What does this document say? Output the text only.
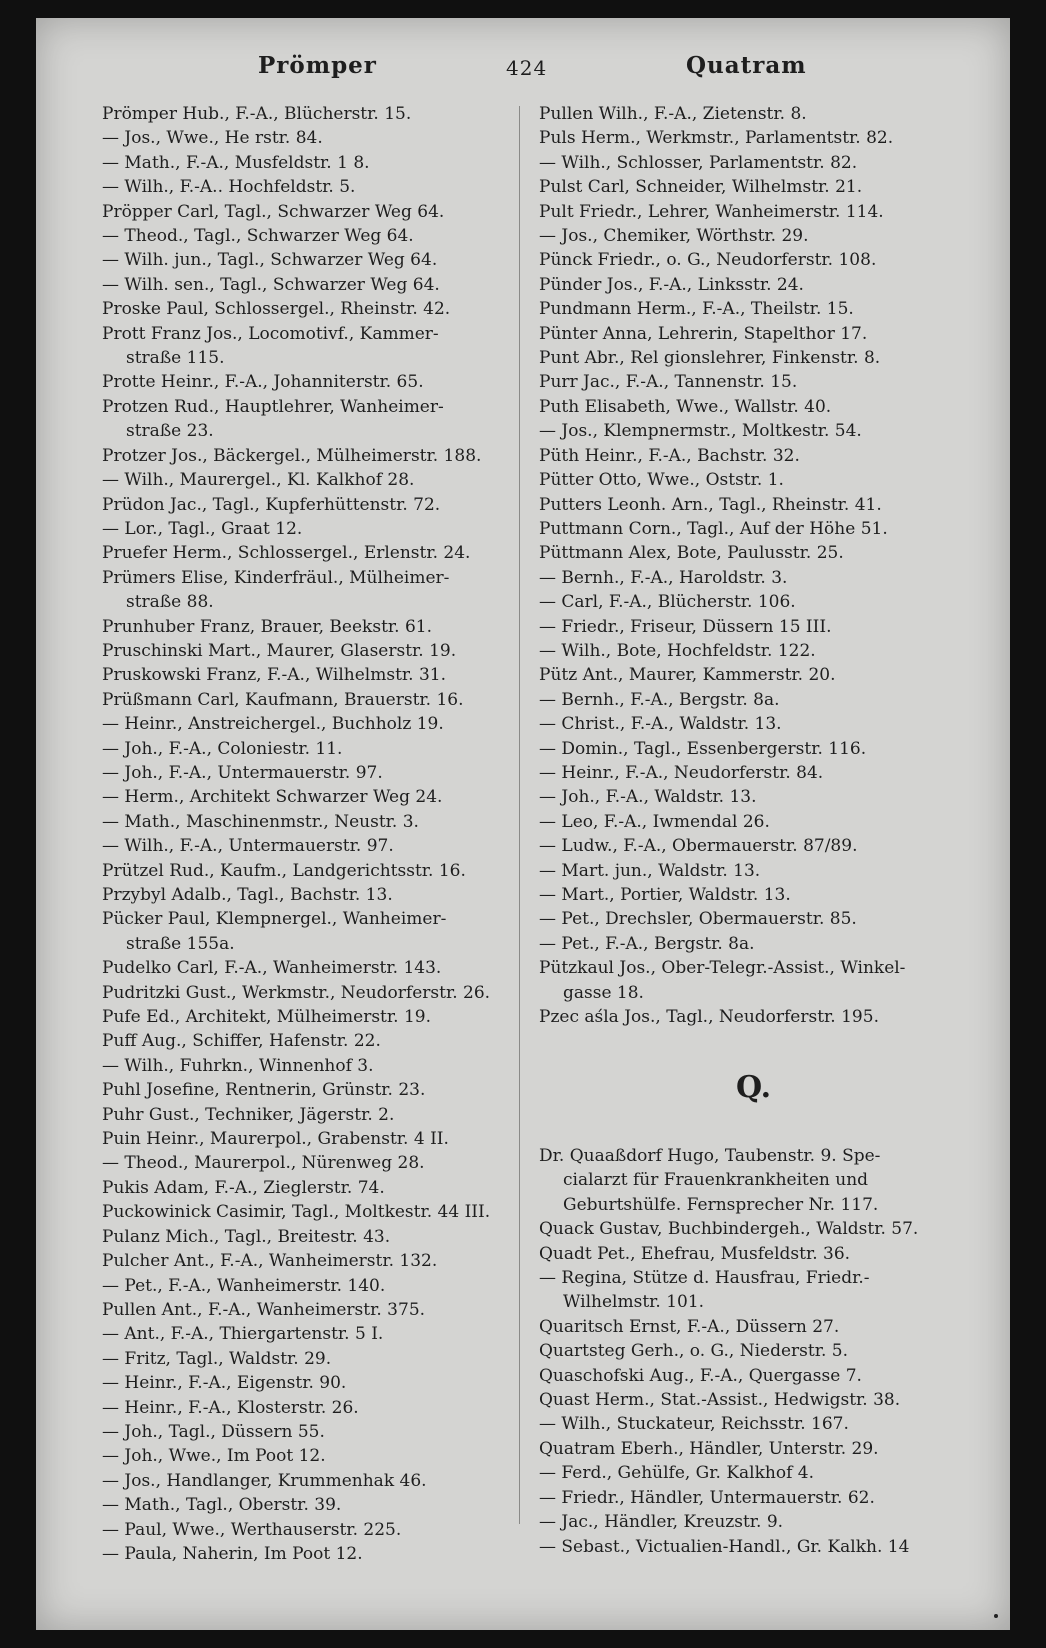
Prömper	424	Quatram
Prömper Hub., F.-A., Blücherstr. 15.
— Jos., Wwe., He rstr. 84.
— Math., F.-A., Musfeldstr. 1 8.
— Wilh., F.-A.. Hochfeldstr. 5.
Pröpper Carl, Tagl., Schwarzer Weg 64.
— Theod., Tagl., Schwarzer Weg 64.
— Wilh. jun., Tagl., Schwarzer Weg 64.
— Wilh. sen., Tagl., Schwarzer Weg 64.
Proske Paul, Schlossergel., Rheinstr. 42.
Prott Franz Jos., Locomotivf., Kammer-
straße 115.
Protte Heinr., F.-A., Johanniterstr. 65.
Protzen Rud., Hauptlehrer, Wanheimer-
straße 23.
Protzer Jos., Bäckergel., Mülheimerstr. 188.
— Wilh., Maurergel., Kl. Kalkhof 28.
Prüdon Jac., Tagl., Kupferhüttenstr. 72.
— Lor., Tagl., Graat 12.
Pruefer Herm., Schlossergel., Erlenstr. 24.
Prümers Elise, Kinderfräul., Mülheimer-
straße 88.
Prunhuber Franz, Brauer, Beekstr. 61.
Pruschinski Mart., Maurer, Glaserstr. 19.
Pruskowski Franz, F.-A., Wilhelmstr. 31.
Prüßmann Carl, Kaufmann, Brauerstr. 16.
— Heinr., Anstreichergel., Buchholz 19.
— Joh., F.-A., Coloniestr. 11.
— Joh., F.-A., Untermauerstr. 97.
— Herm., Architekt Schwarzer Weg 24.
— Math., Maschinenmstr., Neustr. 3.
— Wilh., F.-A., Untermauerstr. 97.
Prützel Rud., Kaufm., Landgerichtsstr. 16.
Przybyl Adalb., Tagl., Bachstr. 13.
Pücker Paul, Klempnergel., Wanheimer-
straße 155a.
Pudelko Carl, F.-A., Wanheimerstr. 143.
Pudritzki Gust., Werkmstr., Neudorferstr. 26.
Pufe Ed., Architekt, Mülheimerstr. 19.
Puff Aug., Schiffer, Hafenstr. 22.
— Wilh., Fuhrkn., Winnenhof 3.
Puhl Josefine, Rentnerin, Grünstr. 23.
Puhr Gust., Techniker, Jägerstr. 2.
Puin Heinr., Maurerpol., Grabenstr. 4 II.
— Theod., Maurerpol., Nürenweg 28.
Pukis Adam, F.-A., Zieglerstr. 74.
Puckowinick Casimir, Tagl., Moltkestr. 44 III.
Pulanz Mich., Tagl., Breitestr. 43.
Pulcher Ant., F.-A., Wanheimerstr. 132.
— Pet., F.-A., Wanheimerstr. 140.
Pullen Ant., F.-A., Wanheimerstr. 375.
— Ant., F.-A., Thiergartenstr. 5 I.
— Fritz, Tagl., Waldstr. 29.
— Heinr., F.-A., Eigenstr. 90.
— Heinr., F.-A., Klosterstr. 26.
— Joh., Tagl., Düssern 55.
— Joh., Wwe., Im Poot 12.
— Jos., Handlanger, Krummenhak 46.
— Math., Tagl., Oberstr. 39.
— Paul, Wwe., Werthauserstr. 225.
— Paula, Naherin, Im Poot 12.
Pullen Wilh., F.-A., Zietenstr. 8.
Puls Herm., Werkmstr., Parlamentstr. 82.
— Wilh., Schlosser, Parlamentstr. 82.
Pulst Carl, Schneider, Wilhelmstr. 21.
Pult Friedr., Lehrer, Wanheimerstr. 114.
— Jos., Chemiker, Wörthstr. 29.
Pünck Friedr., o. G., Neudorferstr. 108.
Pünder Jos., F.-A., Linksstr. 24.
Pundmann Herm., F.-A., Theilstr. 15.
Pünter Anna, Lehrerin, Stapelthor 17.
Punt Abr., Rel gionslehrer, Finkenstr. 8.
Purr Jac., F.-A., Tannenstr. 15.
Puth Elisabeth, Wwe., Wallstr. 40.
— Jos., Klempnermstr., Moltkestr. 54.
Püth Heinr., F.-A., Bachstr. 32.
Pütter Otto, Wwe., Oststr. 1.
Putters Leonh. Arn., Tagl., Rheinstr. 41.
Puttmann Corn., Tagl., Auf der Höhe 51.
Püttmann Alex, Bote, Paulusstr. 25.
— Bernh., F.-A., Haroldstr. 3.
— Carl, F.-A., Blücherstr. 106.
— Friedr., Friseur, Düssern 15 III.
— Wilh., Bote, Hochfeldstr. 122.
Pütz Ant., Maurer, Kammerstr. 20.
— Bernh., F.-A., Bergstr. 8a.
— Christ., F.-A., Waldstr. 13.
— Domin., Tagl., Essenbergerstr. 116.
— Heinr., F.-A., Neudorferstr. 84.
— Joh., F.-A., Waldstr. 13.
— Leo, F.-A., Iwmendal 26.
— Ludw., F.-A., Obermauerstr. 87/89.
— Mart. jun., Waldstr. 13.
— Mart., Portier, Waldstr. 13.
— Pet., Drechsler, Obermauerstr. 85.
— Pet., F.-A., Bergstr. 8a.
Pützkaul Jos., Ober-Telegr.-Assist., Winkel-
gasse 18.
Pzec aśla Jos., Tagl., Neudorferstr. 195.
Q.
Dr. Quaaßdorf Hugo, Taubenstr. 9. Spe-
cialarzt für Frauenkrankheiten und
Geburtshülfe. Fernsprecher Nr. 117.
Quack Gustav, Buchbindergeh., Waldstr. 57.
Quadt Pet., Ehefrau, Musfeldstr. 36.
— Regina, Stütze d. Hausfrau, Friedr.-
Wilhelmstr. 101.
Quaritsch Ernst, F.-A., Düssern 27.
Quartsteg Gerh., o. G., Niederstr. 5.
Quaschofski Aug., F.-A., Quergasse 7.
Quast Herm., Stat.-Assist., Hedwigstr. 38.
— Wilh., Stuckateur, Reichsstr. 167.
Quatram Eberh., Händler, Unterstr. 29.
— Ferd., Gehülfe, Gr. Kalkhof 4.
— Friedr., Händler, Untermauerstr. 62.
— Jac., Händler, Kreuzstr. 9.
— Sebast., Victualien-Handl., Gr. Kalkh. 14
